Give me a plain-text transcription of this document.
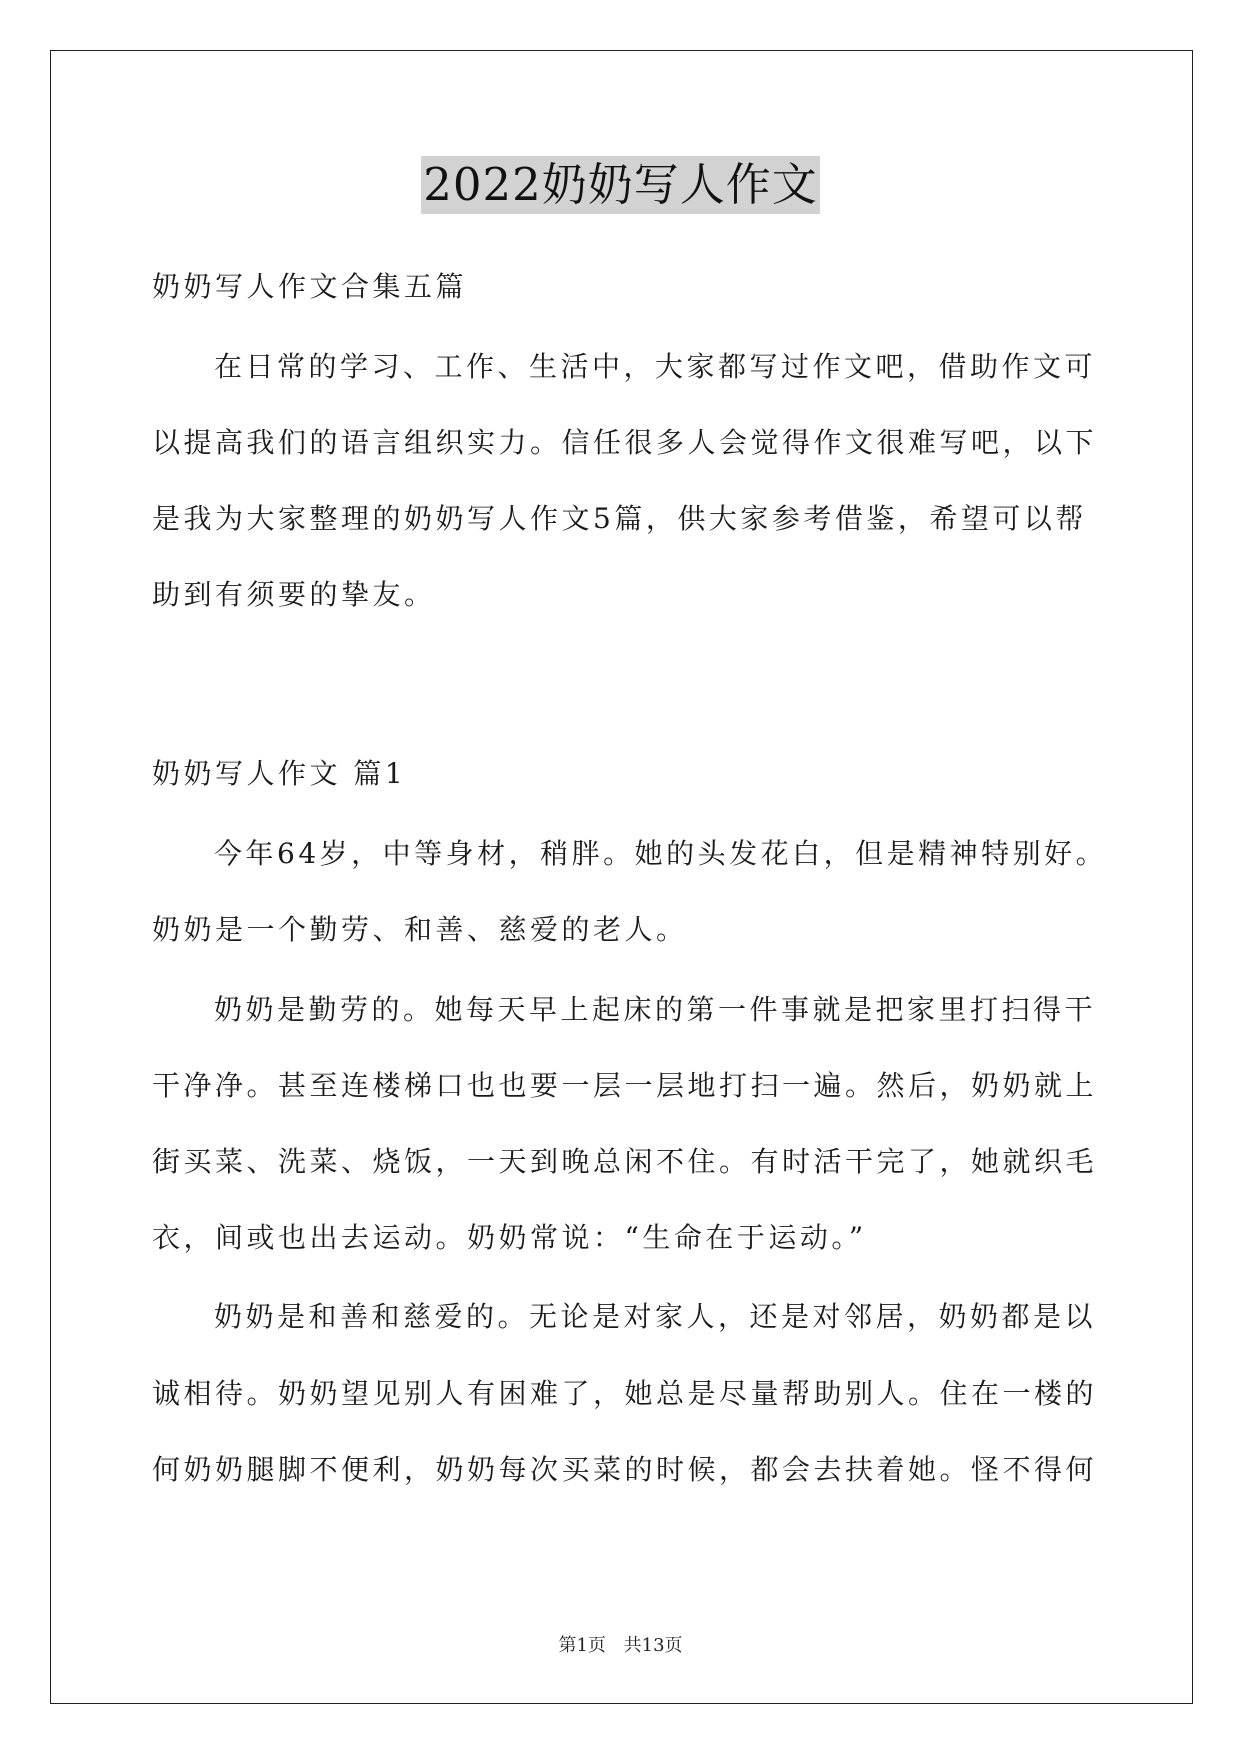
2022奶奶写人作文
奶奶写人作文合集五篇
在日常的学习、工作、生活中，大家都写过作文吧，借助作文可
以提高我们的语言组织实力。信任很多人会觉得作文很难写吧，以下
是我为大家整理的奶奶写人作文5篇，供大家参考借鉴，希望可以帮
助到有须要的挚友。
奶奶写人作文 篇1
今年64岁，中等身材，稍胖。她的头发花白，但是精神特别好。
奶奶是一个勤劳、和善、慈爱的老人。
奶奶是勤劳的。她每天早上起床的第一件事就是把家里打扫得干
干净净。甚至连楼梯口也也要一层一层地打扫一遍。然后，奶奶就上
街买菜、洗菜、烧饭，一天到晚总闲不住。有时活干完了，她就织毛
衣，间或也出去运动。奶奶常说：“生命在于运动。”
奶奶是和善和慈爱的。无论是对家人，还是对邻居，奶奶都是以
诚相待。奶奶望见别人有困难了，她总是尽量帮助别人。住在一楼的
何奶奶腿脚不便利，奶奶每次买菜的时候，都会去扶着她。怪不得何
第1页 共13页
